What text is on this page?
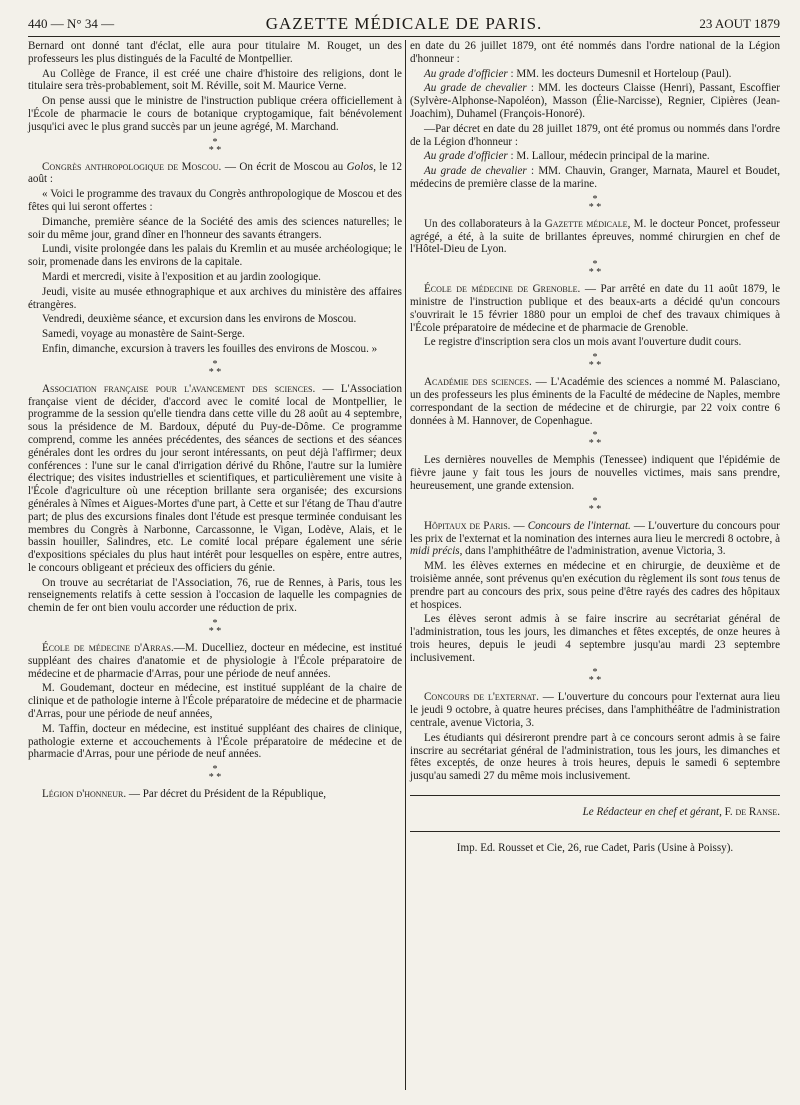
440 — N° 34 —	GAZETTE MÉDICALE DE PARIS.	23 AOUT 1879

Bernard ont donné tant d'éclat, elle aura pour titulaire M. Rouget, un des professeurs les plus distingués de la Faculté de Montpellier.

Au Collège de France, il est créé une chaire d'histoire des religions, dont le titulaire sera très-probablement, soit M. Réville, soit M. Maurice Verne.

On pense aussi que le ministre de l'instruction publique créera officiellement à l'École de pharmacie le cours de botanique cryptogamique, fait bénévolement jusqu'ici avec le plus grand succès par un jeune agrégé, M. Marchand.

*
* *

Congrès anthropologique de Moscou. — On écrit de Moscou au Golos, le 12 août :

« Voici le programme des travaux du Congrès anthropologique de Moscou et des fêtes qui lui seront offertes :

Dimanche, première séance de la Société des amis des sciences naturelles; le soir du même jour, grand dîner en l'honneur des savants étrangers.

Lundi, visite prolongée dans les palais du Kremlin et au musée archéologique; le soir, promenade dans les environs de la capitale.

Mardi et mercredi, visite à l'exposition et au jardin zoologique.

Jeudi, visite au musée ethnographique et aux archives du ministère des affaires étrangères.

Vendredi, deuxième séance, et excursion dans les environs de Moscou.

Samedi, voyage au monastère de Saint-Serge.

Enfin, dimanche, excursion à travers les fouilles des environs de Moscou. »

*
* *

Association française pour l'avancement des sciences. — L'Association française vient de décider, d'accord avec le comité local de Montpellier, le programme de la session qu'elle tiendra dans cette ville du 28 août au 4 septembre, sous la présidence de M. Bardoux, député du Puy-de-Dôme. Ce programme comprend, comme les années précédentes, des séances de sections et des séances générales dont les ordres du jour seront intéressants, on peut déjà l'affirmer; deux conférences : l'une sur le canal d'irrigation dérivé du Rhône, l'autre sur la lumière électrique; des visites industrielles et scientifiques, et particulièrement une visite à l'École d'agriculture où une réception brillante sera organisée; des excursions générales à Nîmes et Aigues-Mortes d'une part, à Cette et sur l'étang de Thau d'autre part; de plus des excursions finales dont l'étude est presque terminée conduisant les membres du Congrès à Narbonne, Carcassonne, le Vigan, Lodève, Alais, et le bassin houiller, Salindres, etc. Le comité local prépare également une série d'expositions spéciales du plus haut intérêt pour lesquelles on espère, entre autres, le concours obligeant et précieux des officiers du génie.

On trouve au secrétariat de l'Association, 76, rue de Rennes, à Paris, tous les renseignements relatifs à cette session à l'occasion de laquelle les compagnies de chemin de fer ont bien voulu accorder une réduction de prix.

*
* *

École de médecine d'Arras.—M. Ducelliez, docteur en médecine, est institué suppléant des chaires d'anatomie et de physiologie à l'École préparatoire de médecine et de pharmacie d'Arras, pour une période de neuf années.

M. Goudemant, docteur en médecine, est institué suppléant de la chaire de clinique et de pathologie interne à l'École préparatoire de médecine et de pharmacie d'Arras, pour une période de neuf années,

M. Taffin, docteur en médecine, est institué suppléant des chaires de clinique, pathologie externe et accouchements à l'École préparatoire de médecine et de pharmacie d'Arras, pour une période de neuf années.

*
* *

Légion d'honneur. — Par décret du Président de la République,

en date du 26 juillet 1879, ont été nommés dans l'ordre national de la Légion d'honneur :

Au grade d'officier : MM. les docteurs Dumesnil et Horteloup (Paul).

Au grade de chevalier : MM. les docteurs Claisse (Henri), Passant, Escoffier (Sylvère-Alphonse-Napoléon), Masson (Élie-Narcisse), Regnier, Cipières (Jean-Joachim), Duhamel (François-Honoré).

—Par décret en date du 28 juillet 1879, ont été promus ou nommés dans l'ordre de la Légion d'honneur :

Au grade d'officier : M. Lallour, médecin principal de la marine.

Au grade de chevalier : MM. Chauvin, Granger, Marnata, Maurel et Boudet, médecins de première classe de la marine.

*
* *

Un des collaborateurs à la Gazette médicale, M. le docteur Poncet, professeur agrégé, a été, à la suite de brillantes épreuves, nommé chirurgien en chef de l'Hôtel-Dieu de Lyon.

*
* *

École de médecine de Grenoble. — Par arrêté en date du 11 août 1879, le ministre de l'instruction publique et des beaux-arts a décidé qu'un concours s'ouvrirait le 15 février 1880 pour un emploi de chef des travaux chimiques à l'École préparatoire de médecine et de pharmacie de Grenoble.

Le registre d'inscription sera clos un mois avant l'ouverture dudit cours.

*
* *

Académie des sciences. — L'Académie des sciences a nommé M. Palasciano, un des professeurs les plus éminents de la Faculté de médecine de Naples, membre correspondant de la section de médecine et de chirurgie, par 22 voix contre 6 données à M. Hannover, de Copenhague.

*
* *

Les dernières nouvelles de Memphis (Tenessee) indiquent que l'épidémie de fièvre jaune y fait tous les jours de nouvelles victimes, mais sans prendre, heureusement, une grande extension.

*
* *

Hôpitaux de Paris. — Concours de l'internat. — L'ouverture du concours pour les prix de l'externat et la nomination des internes aura lieu le mercredi 8 octobre, à midi précis, dans l'amphithéâtre de l'administration, avenue Victoria, 3.

MM. les élèves externes en médecine et en chirurgie, de deuxième et de troisième année, sont prévenus qu'en exécution du règlement ils sont tous tenus de prendre part au concours des prix, sous peine d'être rayés des cadres des hôpitaux et hospices.

Les élèves seront admis à se faire inscrire au secrétariat général de l'administration, tous les jours, les dimanches et fêtes exceptés, de onze heures à trois heures, depuis le jeudi 4 septembre jusqu'au mardi 23 septembre inclusivement.

*
* *

Concours de l'externat. — L'ouverture du concours pour l'externat aura lieu le jeudi 9 octobre, à quatre heures précises, dans l'amphithéâtre de l'administration centrale, avenue Victoria, 3.

Les étudiants qui désireront prendre part à ce concours seront admis à se faire inscrire au secrétariat général de l'administration, tous les jours, les dimanches et fêtes exceptés, de onze heures à trois heures, depuis le samedi 6 septembre jusqu'au samedi 27 du même mois inclusivement.

Le Rédacteur en chef et gérant, F. de Ranse.

Imp. Ed. Rousset et Cie, 26, rue Cadet, Paris (Usine à Poissy).
